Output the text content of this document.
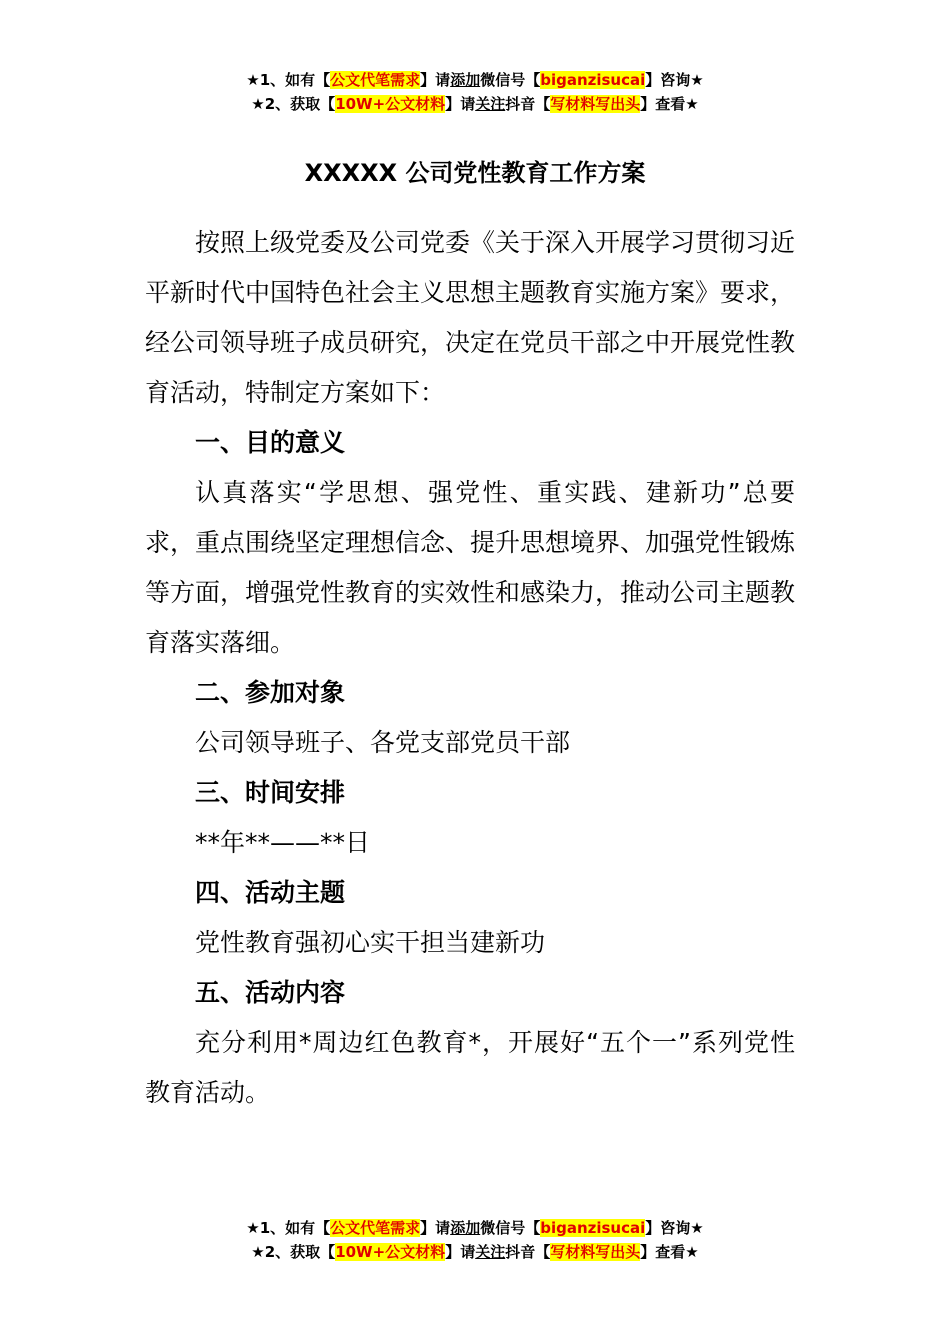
★1、如有【公文代笔需求】请添加微信号【biganzisucai】咨询★
★2、获取【10W+公文材料】请关注抖音【写材料写出头】查看★
XXXXX 公司党性教育工作方案

按照上级党委及公司党委《关于深入开展学习贯彻习近平新时代中国特色社会主义思想主题教育实施方案》要求，经公司领导班子成员研究，决定在党员干部之中开展党性教育活动，特制定方案如下：

一、目的意义

认真落实“学思想、强党性、重实践、建新功”总要求，重点围绕坚定理想信念、提升思想境界、加强党性锻炼等方面，增强党性教育的实效性和感染力，推动公司主题教育落实落细。

二、参加对象

公司领导班子、各党支部党员干部

三、时间安排

**年**——**日

四、活动主题

党性教育强初心实干担当建新功

五、活动内容

充分利用*周边红色教育*，开展好“五个一”系列党性教育活动。

★1、如有【公文代笔需求】请添加微信号【biganzisucai】咨询★
★2、获取【10W+公文材料】请关注抖音【写材料写出头】查看★
